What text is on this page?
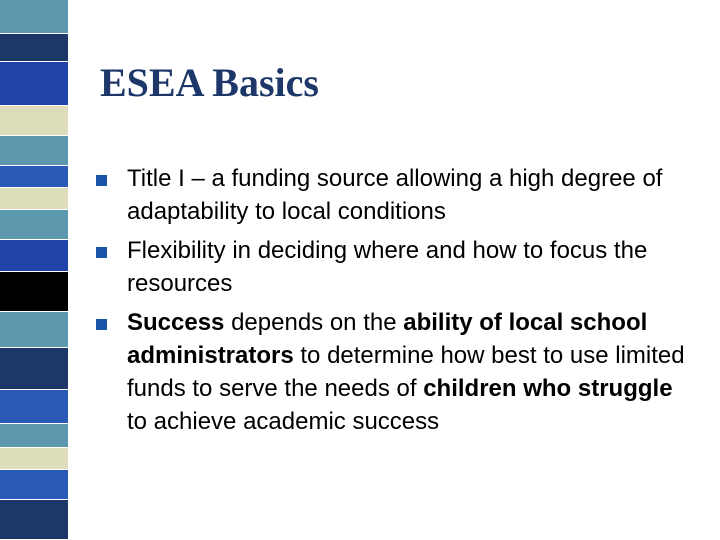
ESEA Basics
Title I – a funding source allowing a high degree of adaptability to local conditions
Flexibility in deciding where and how to focus the resources
Success depends on the ability of local school administrators to determine how best to use limited funds to serve the needs of children who struggle to achieve academic success
